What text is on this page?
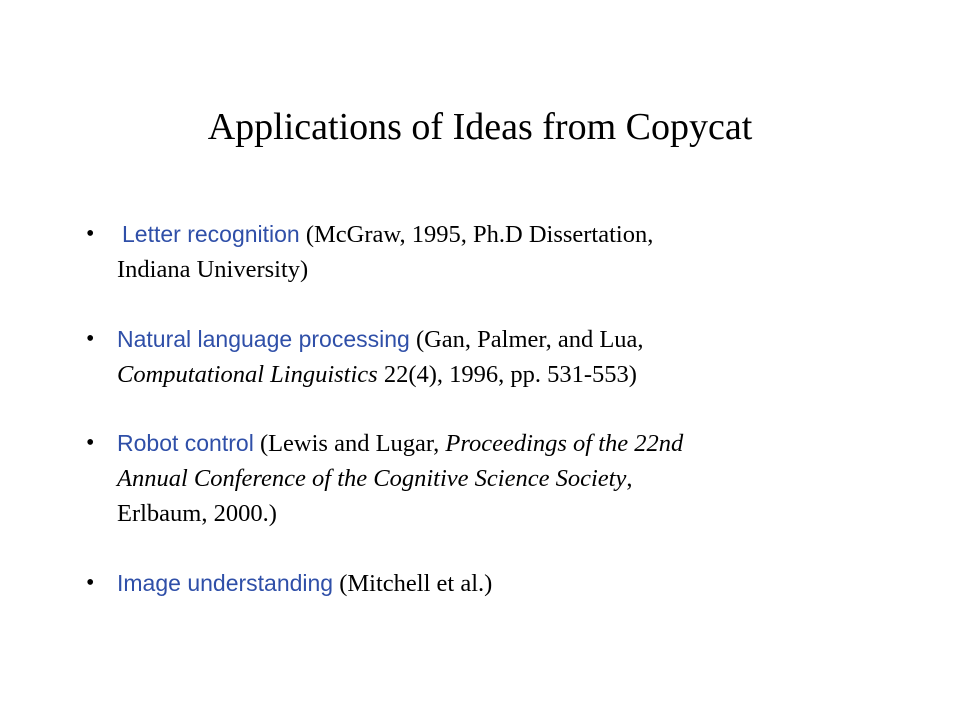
Applications of Ideas from Copycat
•	Letter recognition (McGraw, 1995, Ph.D Dissertation,
Indiana University)
• Natural language processing (Gan, Palmer, and Lua,
Computational Linguistics 22(4), 1996, pp. 531-553)
• Robot control (Lewis and Lugar, Proceedings of the 22nd
Annual Conference of the Cognitive Science Society,
Erlbaum, 2000.)
• Image understanding (Mitchell et al.)
